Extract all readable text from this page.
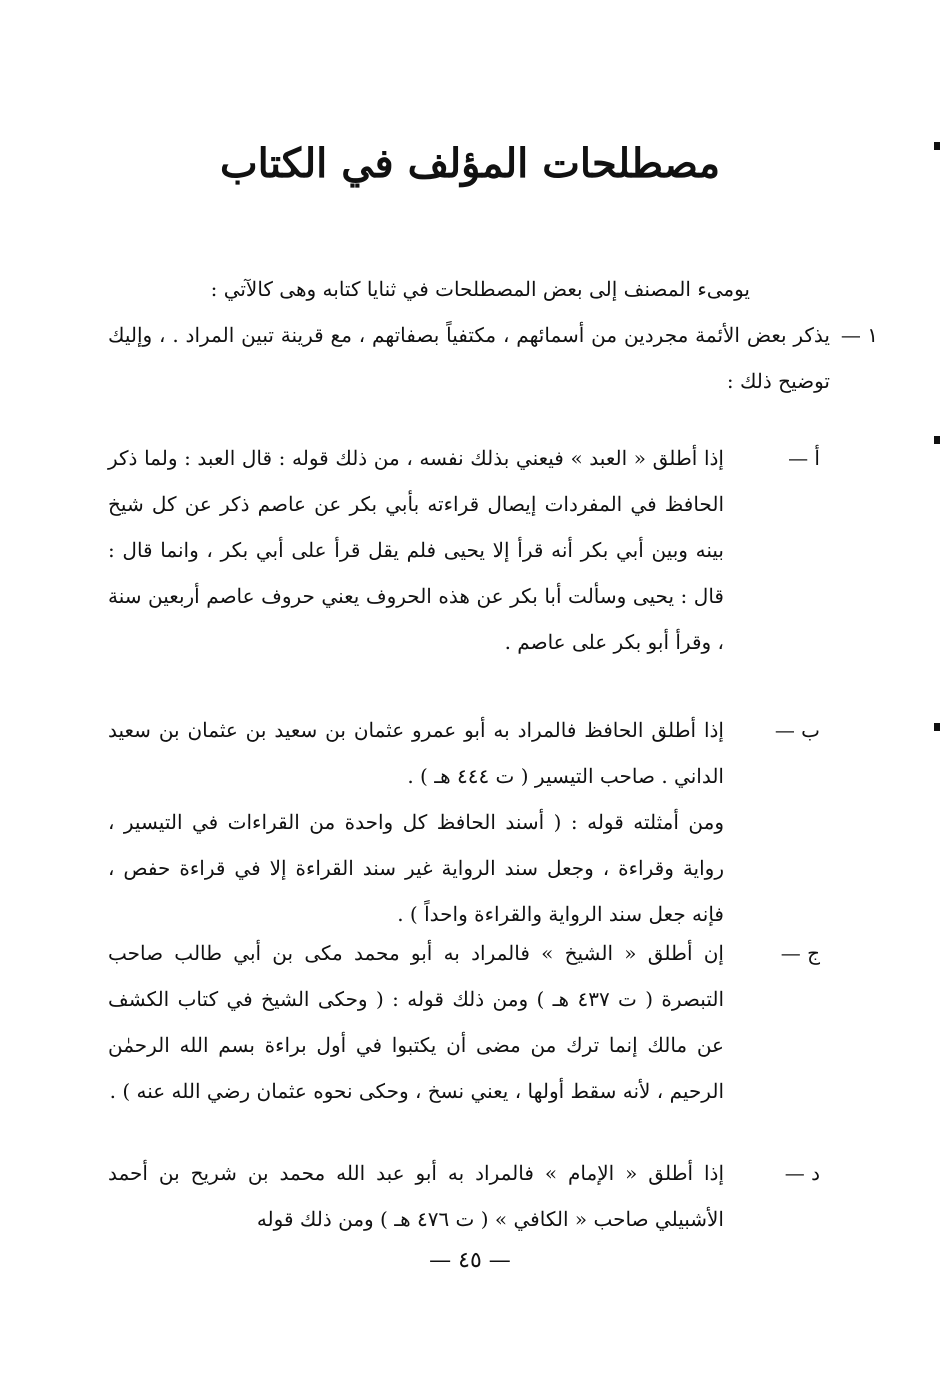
مصطلحات المؤلف في الكتاب

يومىء المصنف إلى بعض المصطلحات في ثنايا كتابه وهى كالآتي :

١ —

يذكر بعض الأئمة مجردين من أسمائهم ، مكتفياً بصفاتهم ، مع قرينة تبين المراد . ، وإليك توضيح ذلك :

أ —

إذا أطلق « العبد » فيعني بذلك نفسه ، من ذلك قوله : قال العبد : ولما ذكر الحافظ في المفردات إيصال قراءته بأبي بكر عن عاصم ذكر عن كل شيخ بينه وبين أبي بكر أنه قرأ إلا يحيى فلم يقل قرأ على أبي بكر ، وانما قال : قال : يحيى وسألت أبا بكر عن هذه الحروف يعني حروف عاصم أربعين سنة ، وقرأ أبو بكر على عاصم .

ب —

إذا أطلق الحافظ فالمراد به أبو عمرو عثمان بن سعيد بن عثمان بن سعيد الداني . صاحب التيسير ( ت ٤٤٤ هـ ) .

ومن أمثلته قوله : ( أسند الحافظ كل واحدة من القراءات في التيسير ، رواية وقراءة ، وجعل سند الرواية غير سند القراءة إلا في قراءة حفص ، فإنه جعل سند الرواية والقراءة واحداً ) .

ج —

إن أطلق « الشيخ » فالمراد به أبو محمد مكى بن أبي طالب صاحب التبصرة ( ت ٤٣٧ هـ ) ومن ذلك قوله : ( وحكى الشيخ في كتاب الكشف عن مالك إنما ترك من مضى أن يكتبوا في أول براءة بسم الله الرحمٰن الرحيم ، لأنه سقط أولها ، يعني نسخ ، وحكى نحوه عثمان رضي الله عنه ) .

د —

إذا أطلق « الإمام » فالمراد به أبو عبد الله محمد بن شريح بن أحمد الأشبيلي صاحب « الكافي » ( ت ٤٧٦ هـ ) ومن ذلك قوله

— ٤٥ —
